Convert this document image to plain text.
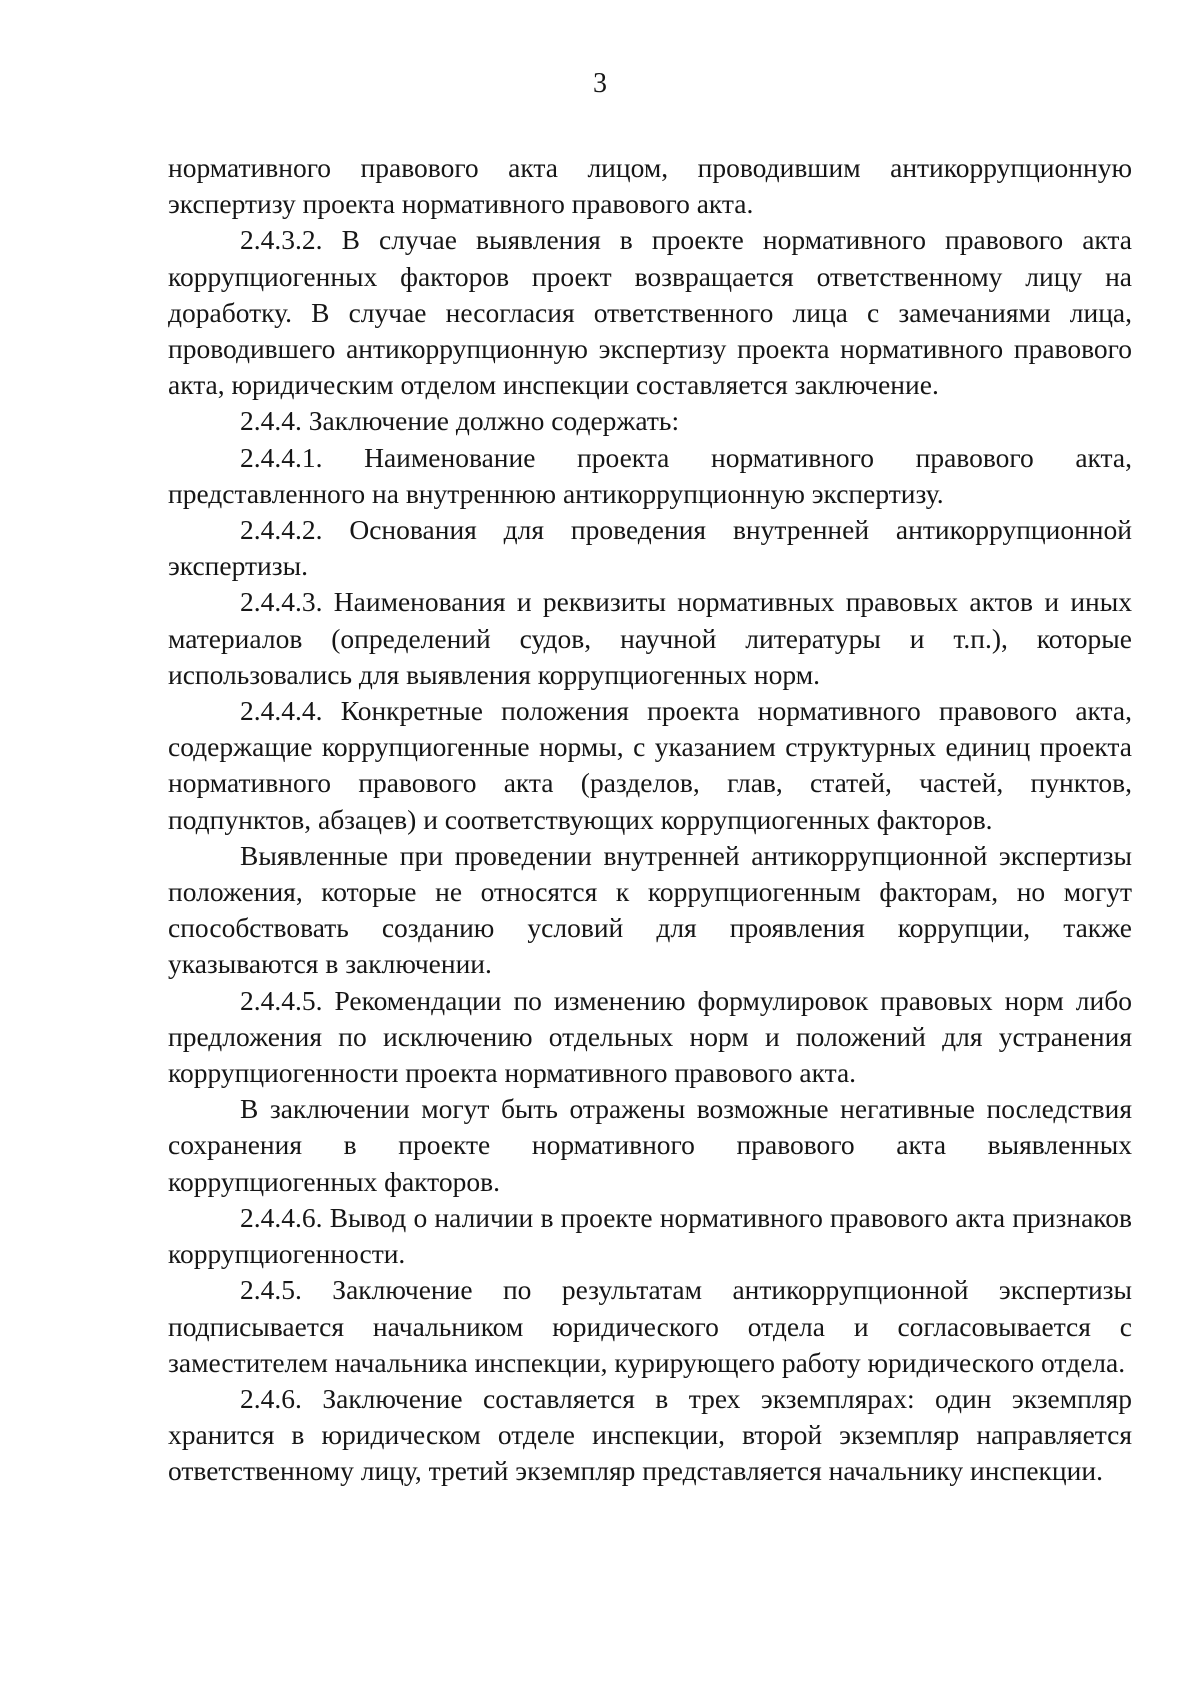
3

нормативного правового акта лицом, проводившим антикоррупционную экспертизу проекта нормативного правового акта.

2.4.3.2. В случае выявления в проекте нормативного правового акта коррупциогенных факторов проект возвращается ответственному лицу на доработку. В случае несогласия ответственного лица с замечаниями лица, проводившего антикоррупционную экспертизу проекта нормативного правового акта, юридическим отделом инспекции составляется заключение.

2.4.4. Заключение должно содержать:

2.4.4.1. Наименование проекта нормативного правового акта, представленного на внутреннюю антикоррупционную экспертизу.

2.4.4.2. Основания для проведения внутренней антикоррупционной экспертизы.

2.4.4.3. Наименования и реквизиты нормативных правовых актов и иных материалов (определений судов, научной литературы и т.п.), которые использовались для выявления коррупциогенных норм.

2.4.4.4. Конкретные положения проекта нормативного правового акта, содержащие коррупциогенные нормы, с указанием структурных единиц проекта нормативного правового акта (разделов, глав, статей, частей, пунктов, подпунктов, абзацев) и соответствующих коррупциогенных факторов.

Выявленные при проведении внутренней антикоррупционной экспертизы положения, которые не относятся к коррупциогенным факторам, но могут способствовать созданию условий для проявления коррупции, также указываются в заключении.

2.4.4.5. Рекомендации по изменению формулировок правовых норм либо предложения по исключению отдельных норм и положений для устранения коррупциогенности проекта нормативного правового акта.

В заключении могут быть отражены возможные негативные последствия сохранения в проекте нормативного правового акта выявленных коррупциогенных факторов.

2.4.4.6. Вывод о наличии в проекте нормативного правового акта признаков коррупциогенности.

2.4.5. Заключение по результатам антикоррупционной экспертизы подписывается начальником юридического отдела и согласовывается с заместителем начальника инспекции, курирующего работу юридического отдела.

2.4.6. Заключение составляется в трех экземплярах: один экземпляр хранится в юридическом отделе инспекции, второй экземпляр направляется ответственному лицу, третий экземпляр представляется начальнику инспекции.
